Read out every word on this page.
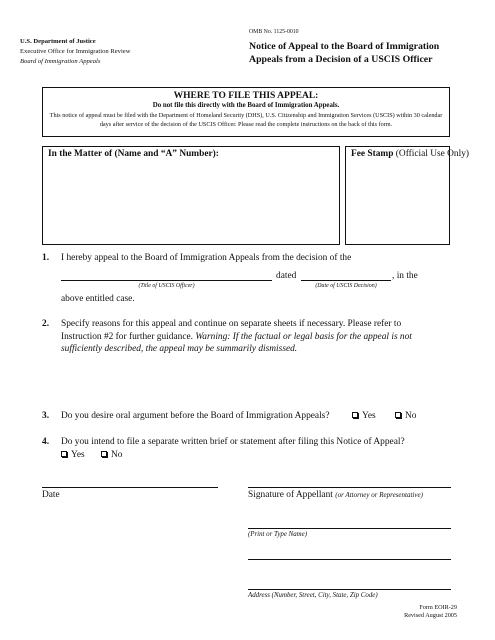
U.S. Department of Justice
Executive Office for Immigration Review
Board of Immigration Appeals
OMB No. 1125-0010
Notice of Appeal to the Board of Immigration
Appeals from a Decision of a USCIS Officer
WHERE TO FILE THIS APPEAL:
Do not file this directly with the Board of Immigration Appeals.
This notice of appeal must be filed with the Department of Homeland Security (DHS), U.S. Citizenship and Immigration Services (USCIS) within 30 calendar days after service of the decision of the USCIS Officer. Please read the complete instructions on the back of this form.
In the Matter of (Name and “A” Number):	Fee Stamp (Official Use Only)
1. I hereby appeal to the Board of Immigration Appeals from the decision of the
dated	, in the
(Title of USCIS Officer)	(Date of USCIS Decision)
above entitled case.
2. Specify reasons for this appeal and continue on separate sheets if necessary. Please refer to
Instruction #2 for further guidance. Warning: If the factual or legal basis for the appeal is not
sufficiently described, the appeal may be summarily dismissed.
3. Do you desire oral argument before the Board of Immigration Appeals?	Yes	No
4. Do you intend to file a separate written brief or statement after filing this Notice of Appeal?
Yes	No
Date	Signature of Appellant (or Attorney or Representative)
(Print or Type Name)
Address (Number, Street, City, State, Zip Code)
Form EOIR-29
Revised August 2005
